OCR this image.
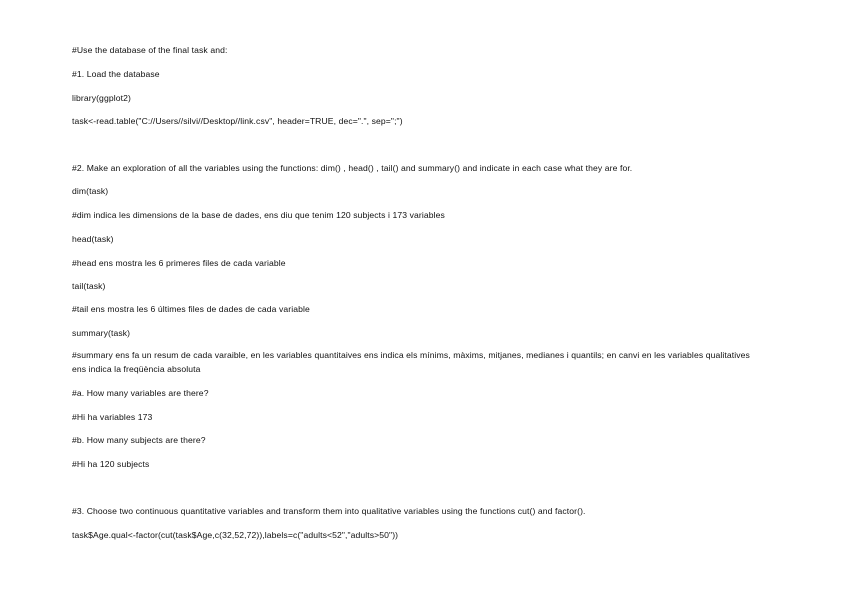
#Use the database of the final task and:
#1. Load the database
library(ggplot2)
task<-read.table("C://Users//silvi//Desktop//link.csv", header=TRUE, dec=".", sep=";")
#2. Make an exploration of all the variables using the functions: dim() , head() , tail() and summary() and indicate in each case what they are for.
dim(task)
#dim indica les dimensions de la base de dades, ens diu que tenim 120 subjects i 173 variables
head(task)
#head ens mostra les 6 primeres files de cada variable
tail(task)
#tail ens mostra les 6 últimes files de dades de cada variable
summary(task)
#summary ens fa un resum de cada varaible, en les variables quantitaives ens indica els mínims, màxims, mitjanes, medianes i quantils; en canvi en les variables qualitatives ens indica la freqüència absoluta
#a. How many variables are there?
#Hi ha variables 173
#b. How many subjects are there?
#Hi ha 120 subjects
#3. Choose two continuous quantitative variables and transform them into qualitative variables using the functions cut() and factor().
task$Age.qual<-factor(cut(task$Age,c(32,52,72)),labels=c("adults<52","adults>50"))
